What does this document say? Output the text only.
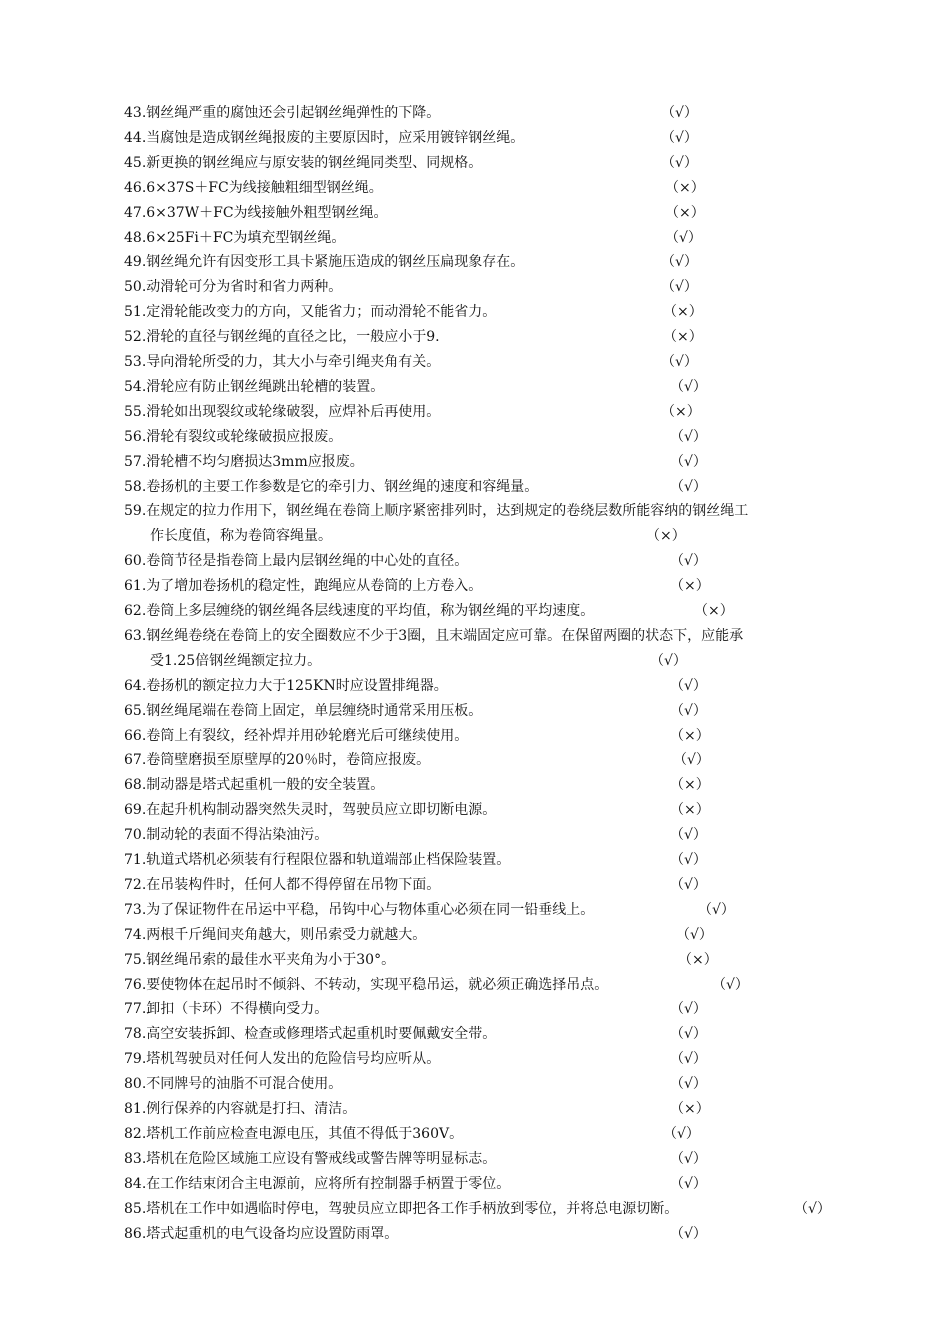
43.钢丝绳严重的腐蚀还会引起钢丝绳弹性的下降。	（√）
44.当腐蚀是造成钢丝绳报废的主要原因时，应采用镀锌钢丝绳。	（√）
45.新更换的钢丝绳应与原安装的钢丝绳同类型、同规格。	（√）
46.6×37S＋FC为线接触粗细型钢丝绳。	（×）
47.6×37W＋FC为线接触外粗型钢丝绳。	（×）
48.6×25Fi＋FC为填充型钢丝绳。	（√）
49.钢丝绳允许有因变形工具卡紧施压造成的钢丝压扁现象存在。	（√）
50.动滑轮可分为省时和省力两种。	（√）
51.定滑轮能改变力的方向，又能省力；而动滑轮不能省力。	（×）
52.滑轮的直径与钢丝绳的直径之比，一般应小于9.	（×）
53.导向滑轮所受的力，其大小与牵引绳夹角有关。	（√）
54.滑轮应有防止钢丝绳跳出轮槽的装置。	（√）
55.滑轮如出现裂纹或轮缘破裂，应焊补后再使用。	（×）
56.滑轮有裂纹或轮缘破损应报废。	（√）
57.滑轮槽不均匀磨损达3mm应报废。	（√）
58.卷扬机的主要工作参数是它的牵引力、钢丝绳的速度和容绳量。	（√）
59.在规定的拉力作用下，钢丝绳在卷筒上顺序紧密排列时，达到规定的卷绕层数所能容纳的钢丝绳工
作长度值，称为卷筒容绳量。	（×）
60.卷筒节径是指卷筒上最内层钢丝绳的中心处的直径。	（√）
61.为了增加卷扬机的稳定性，跑绳应从卷筒的上方卷入。	（×）
62.卷筒上多层缠绕的钢丝绳各层线速度的平均值，称为钢丝绳的平均速度。	（×）
63.钢丝绳卷绕在卷筒上的安全圈数应不少于3圈，且末端固定应可靠。在保留两圈的状态下，应能承
受1.25倍钢丝绳额定拉力。	（√）
64.卷扬机的额定拉力大于125KN时应设置排绳器。	（√）
65.钢丝绳尾端在卷筒上固定，单层缠绕时通常采用压板。	（√）
66.卷筒上有裂纹，经补焊并用砂轮磨光后可继续使用。	（×）
67.卷筒壁磨损至原壁厚的20％时，卷筒应报废。	（√）
68.制动器是塔式起重机一般的安全装置。	（×）
69.在起升机构制动器突然失灵时，驾驶员应立即切断电源。	（×）
70.制动轮的表面不得沾染油污。	（√）
71.轨道式塔机必须装有行程限位器和轨道端部止档保险装置。	（√）
72.在吊装构件时，任何人都不得停留在吊物下面。	（√）
73.为了保证物件在吊运中平稳，吊钩中心与物体重心必须在同一铅垂线上。	（√）
74.两根千斤绳间夹角越大，则吊索受力就越大。	（√）
75.钢丝绳吊索的最佳水平夹角为小于30°。	（×）
76.要使物体在起吊时不倾斜、不转动，实现平稳吊运，就必须正确选择吊点。	（√）
77.卸扣（卡环）不得横向受力。	（√）
78.高空安装拆卸、检查或修理塔式起重机时要佩戴安全带。	（√）
79.塔机驾驶员对任何人发出的危险信号均应听从。	（√）
80.不同牌号的油脂不可混合使用。	（√）
81.例行保养的内容就是打扫、清洁。	（×）
82.塔机工作前应检查电源电压，其值不得低于360V。	（√）
83.塔机在危险区域施工应设有警戒线或警告牌等明显标志。	（√）
84.在工作结束闭合主电源前，应将所有控制器手柄置于零位。	（√）
85.塔机在工作中如遇临时停电，驾驶员应立即把各工作手柄放到零位，并将总电源切断。	（√）
86.塔式起重机的电气设备均应设置防雨罩。	（√）
